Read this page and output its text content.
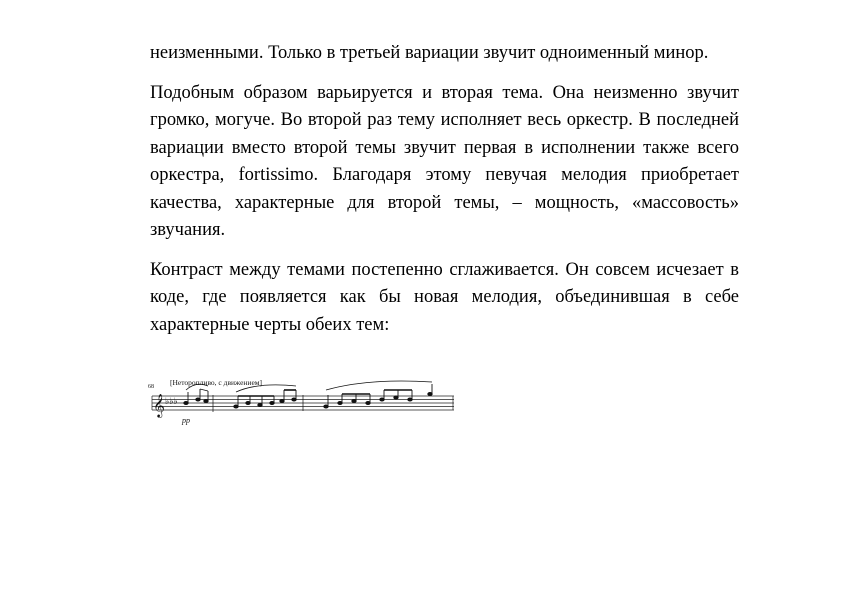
неизменными. Только в третьей вариации звучит одноименный минор.

Подобным образом варьируется и вторая тема. Она неизменно звучит громко, могуче. Во второй раз тему исполняет весь оркестр. В последней вариации вместо второй темы звучит первая в исполнении также всего оркестра, fortissimo. Благодаря этому певучая мелодия приобретает качества, характерные для второй темы, – мощность, «массовость» звучания.

Контраст между темами постепенно сглаживается. Он совсем исчезает в коде, где появляется как бы новая мелодия, объединившая в себе характерные черты обеих тем:

68 [Неторопливо, с движением]
𝄞 ♭♭♭
pp
